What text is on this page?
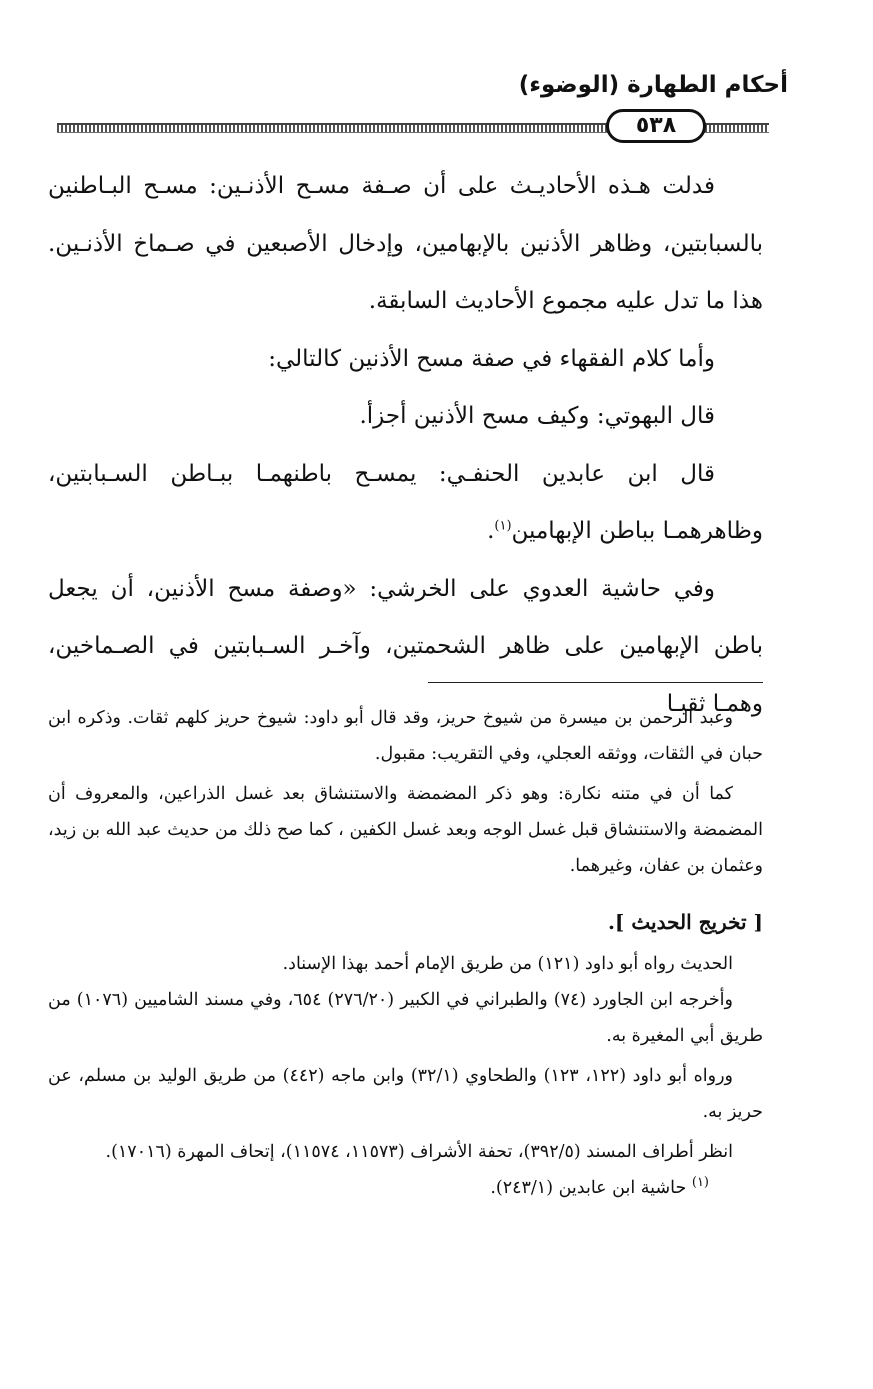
أحكام الطهارة (الوضوء)
٥٣٨

فدلت هـذه الأحاديـث على أن صـفة مسـح الأذنـين: مسـح البـاطنين بالسبابتين، وظاهر الأذنين بالإبهامين، وإدخال الأصبعين في صـماخ الأذنـين. هذا ما تدل عليه مجموع الأحاديث السابقة.

وأما كلام الفقهاء في صفة مسح الأذنين كالتالي:

قال البهوتي: وكيف مسح الأذنين أجزأ.

قال ابن عابدين الحنفـي: يمسـح باطنهمـا ببـاطن السـبابتين، وظاهرهمـا بباطن الإبهامين$^{(١)}$.

وفي حاشية العدوي على الخرشي: «وصفة مسح الأذنين، أن يجعل باطن الإبهامين على ظاهر الشحمتين، وآخـر السـبابتين في الصـماخين، وهمـا ثقبـا

وعبد الرحمن بن ميسرة من شيوخ حريز، وقد قال أبو داود: شيوخ حريز كلهم ثقات. وذكره ابن حبان في الثقات، ووثقه العجلي، وفي التقريب: مقبول.

كما أن في متنه نكارة: وهو ذكر المضمضة والاستنشاق بعد غسل الذراعين، والمعروف أن المضمضة والاستنشاق قبل غسل الوجه وبعد غسل الكفين ، كما صح ذلك من حديث عبد الله بن زيد، وعثمان بن عفان، وغيرهما.

[ تخريج الحديث ].

الحديث رواه أبو داود (١٢١) من طريق الإمام أحمد بهذا الإسناد.

وأخرجه ابن الجاورد (٧٤) والطبراني في الكبير (٢٧٦/٢٠) ٦٥٤، وفي مسند الشاميين (١٠٧٦) من طريق أبي المغيرة به.

ورواه أبو داود (١٢٢، ١٢٣) والطحاوي (٣٢/١) وابن ماجه (٤٤٢) من طريق الوليد بن مسلم، عن حريز به.

انظر أطراف المسند (٣٩٢/٥)، تحفة الأشراف (١١٥٧٣، ١١٥٧٤)، إتحاف المهرة (١٧٠١٦).

$^{(١)}$ حاشية ابن عابدين (٢٤٣/١).
